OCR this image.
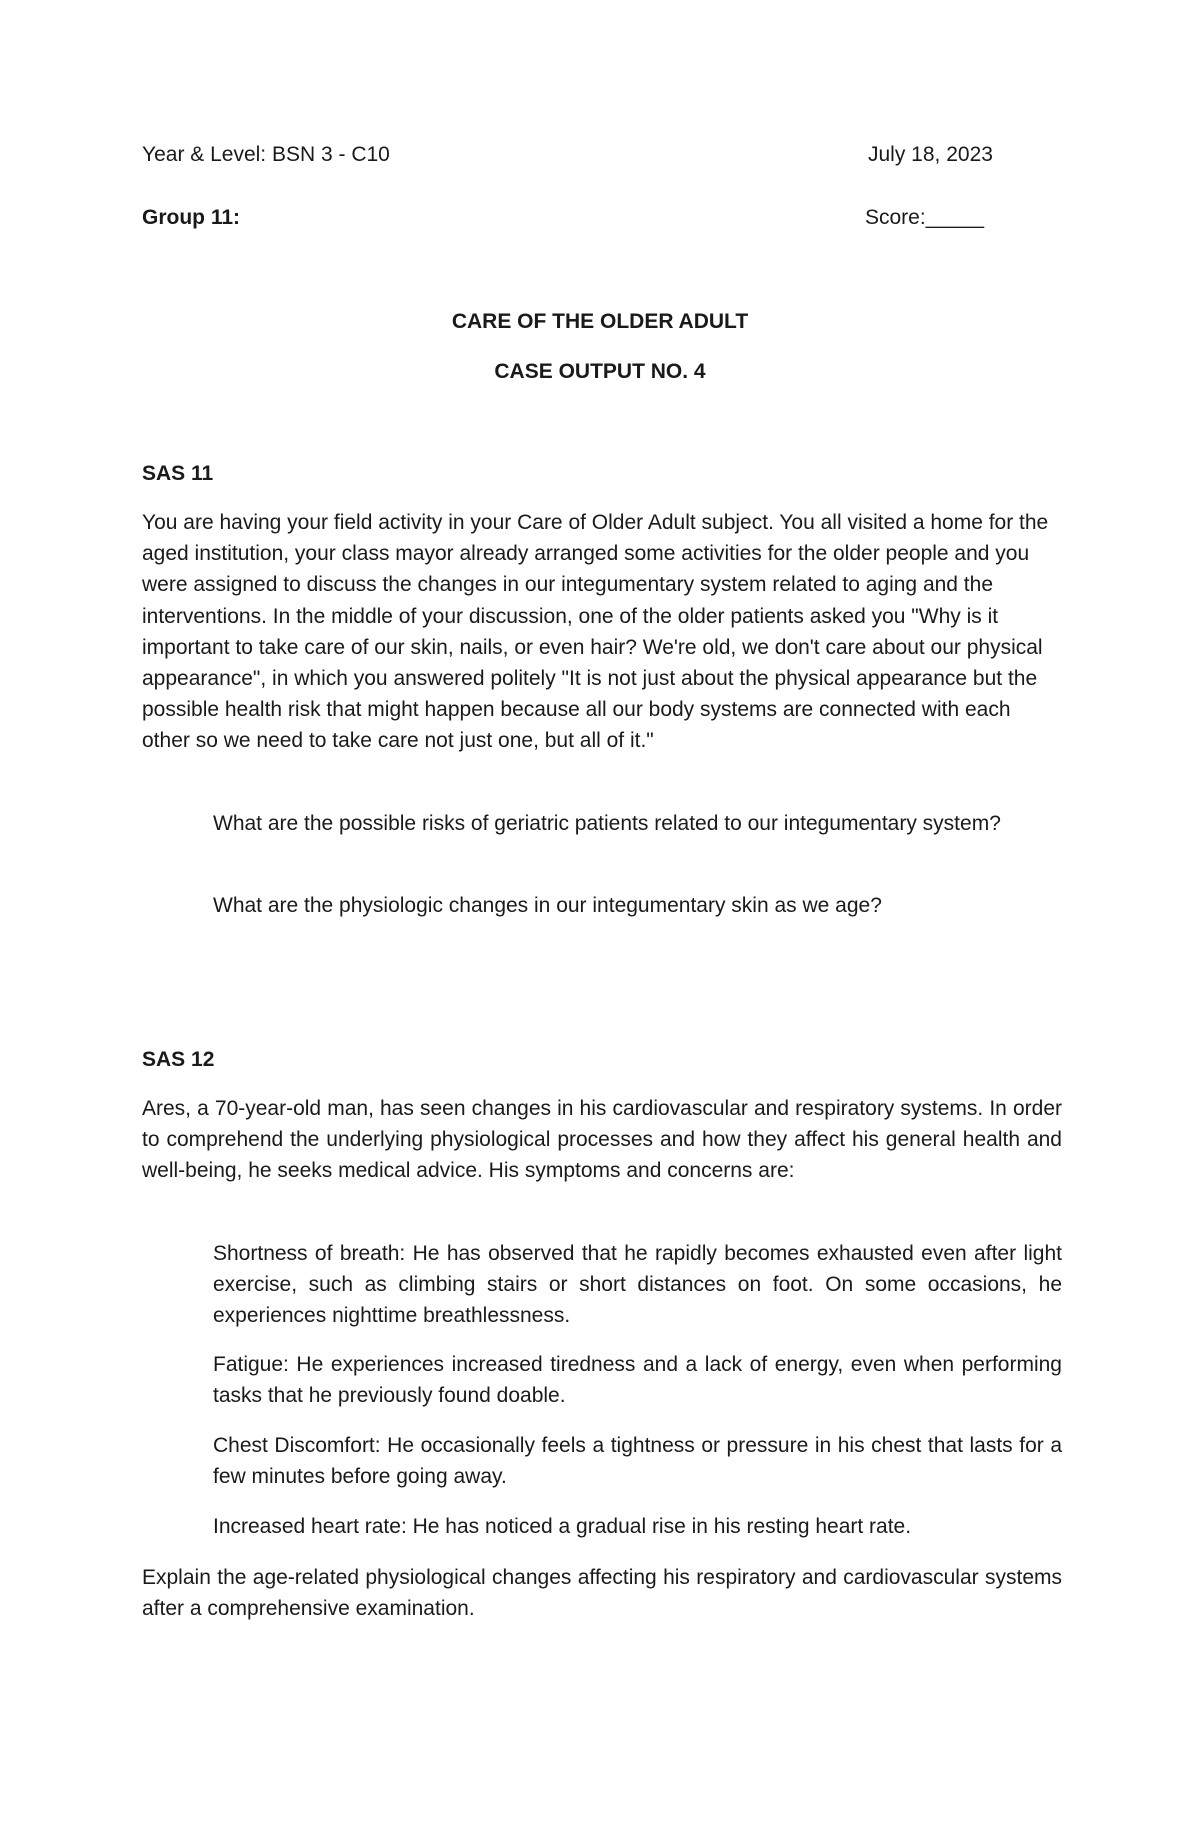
Year & Level: BSN 3 - C10	July 18, 2023
Group 11:	Score:_____
CARE OF THE OLDER ADULT
CASE OUTPUT NO. 4
SAS 11

You are having your field activity in your Care of Older Adult subject. You all visited a home for the aged institution, your class mayor already arranged some activities for the older people and you were assigned to discuss the changes in our integumentary system related to aging and the interventions. In the middle of your discussion, one of the older patients asked you "Why is it important to take care of our skin, nails, or even hair? We're old, we don't care about our physical appearance", in which you answered politely "It is not just about the physical appearance but the possible health risk that might happen because all our body systems are connected with each other so we need to take care not just one, but all of it."

What are the possible risks of geriatric patients related to our integumentary system?

What are the physiologic changes in our integumentary skin as we age?

SAS 12

Ares, a 70-year-old man, has seen changes in his cardiovascular and respiratory systems. In order to comprehend the underlying physiological processes and how they affect his general health and well-being, he seeks medical advice. His symptoms and concerns are:

Shortness of breath: He has observed that he rapidly becomes exhausted even after light exercise, such as climbing stairs or short distances on foot. On some occasions, he experiences nighttime breathlessness.

Fatigue: He experiences increased tiredness and a lack of energy, even when performing tasks that he previously found doable.

Chest Discomfort: He occasionally feels a tightness or pressure in his chest that lasts for a few minutes before going away.

Increased heart rate: He has noticed a gradual rise in his resting heart rate.

Explain the age-related physiological changes affecting his respiratory and cardiovascular systems after a comprehensive examination.
